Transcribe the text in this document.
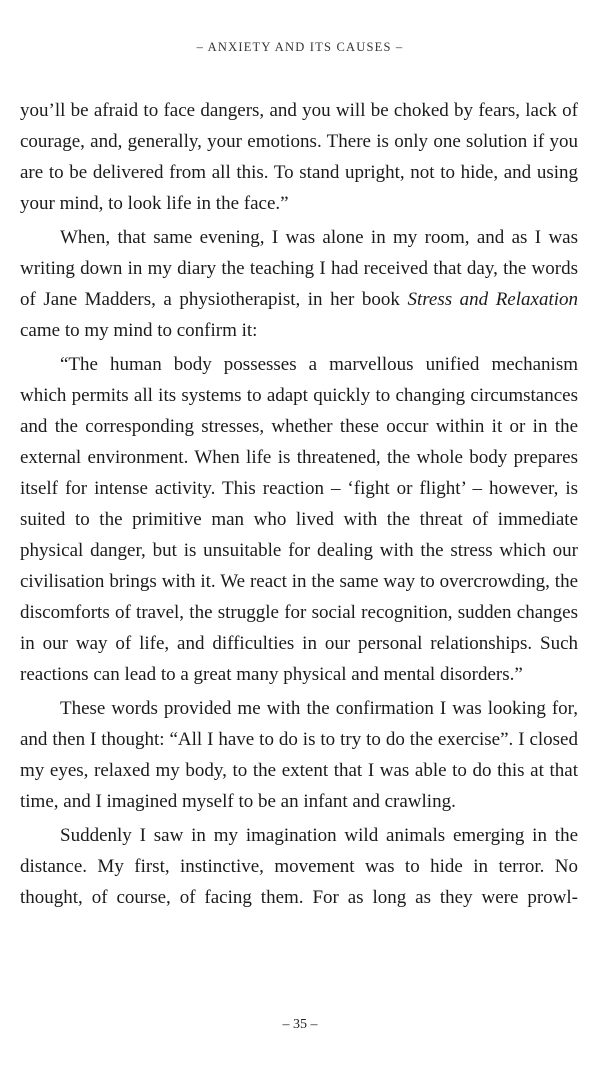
– ANXIETY AND ITS CAUSES –

you’ll be afraid to face dangers, and you will be choked by fears, lack of courage, and, generally, your emotions. There is only one solution if you are to be delivered from all this. To stand upright, not to hide, and using your mind, to look life in the face.”

When, that same evening, I was alone in my room, and as I was writing down in my diary the teaching I had received that day, the words of Jane Madders, a physiotherapist, in her book Stress and Relaxation came to my mind to confirm it:

“The human body possesses a marvellous unified mechanism which permits all its systems to adapt quickly to changing circumstances and the corresponding stresses, whether these occur within it or in the external environment. When life is threatened, the whole body prepares itself for intense activity. This reaction – ‘fight or flight’ – however, is suited to the primitive man who lived with the threat of immediate physical danger, but is unsuitable for dealing with the stress which our civilisation brings with it. We react in the same way to overcrowding, the discomforts of travel, the struggle for social recognition, sudden changes in our way of life, and difficulties in our personal relationships. Such reactions can lead to a great many physical and mental disorders.”

These words provided me with the confirmation I was looking for, and then I thought: “All I have to do is to try to do the exercise”. I closed my eyes, relaxed my body, to the extent that I was able to do this at that time, and I imagined myself to be an infant and crawling.

Suddenly I saw in my imagination wild animals emerging in the distance. My first, instinctive, movement was to hide in terror. No thought, of course, of facing them. For as long as they were prowl-

– 35 –
